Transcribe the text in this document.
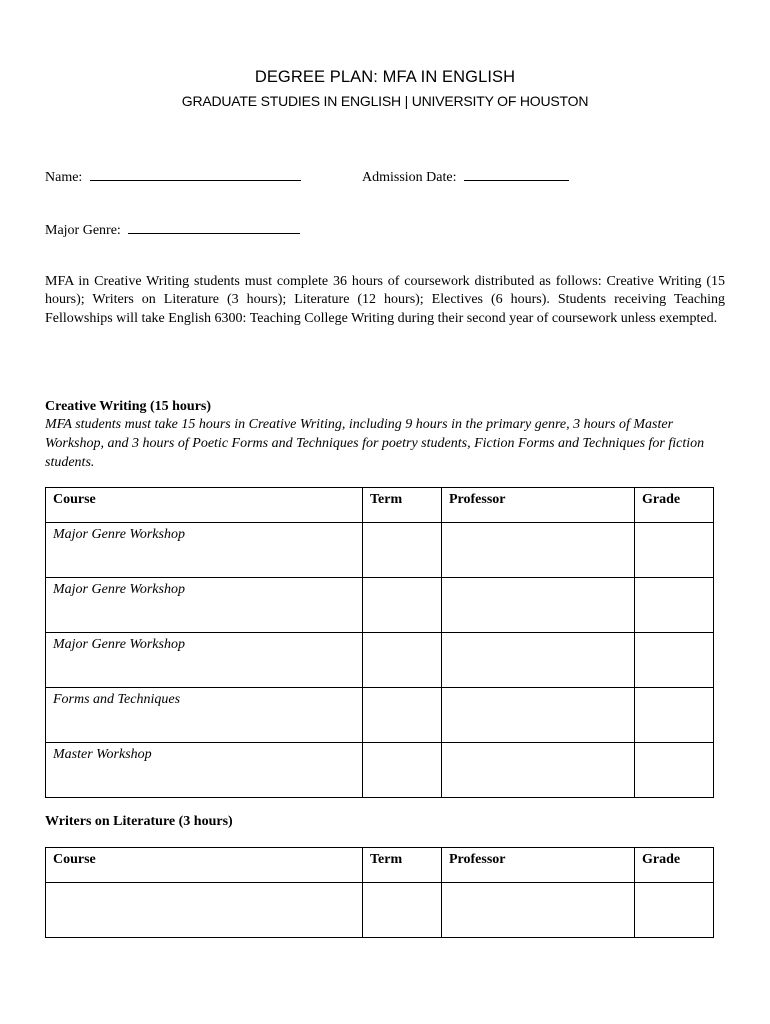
DEGREE PLAN: MFA IN ENGLISH
GRADUATE STUDIES IN ENGLISH | UNIVERSITY OF HOUSTON
Name:	Admission Date:
Major Genre:
MFA in Creative Writing students must complete 36 hours of coursework distributed as follows: Creative Writing (15 hours); Writers on Literature (3 hours); Literature (12 hours); Electives (6 hours). Students receiving Teaching Fellowships will take English 6300: Teaching College Writing during their second year of coursework unless exempted.
Creative Writing (15 hours)
MFA students must take 15 hours in Creative Writing, including 9 hours in the primary genre, 3 hours of Master Workshop, and 3 hours of Poetic Forms and Techniques for poetry students, Fiction Forms and Techniques for fiction students.
Course	Term	Professor	Grade
Major Genre Workshop			
Major Genre Workshop			
Major Genre Workshop			
Forms and Techniques			
Master Workshop			
Writers on Literature (3 hours)
Course	Term	Professor	Grade
